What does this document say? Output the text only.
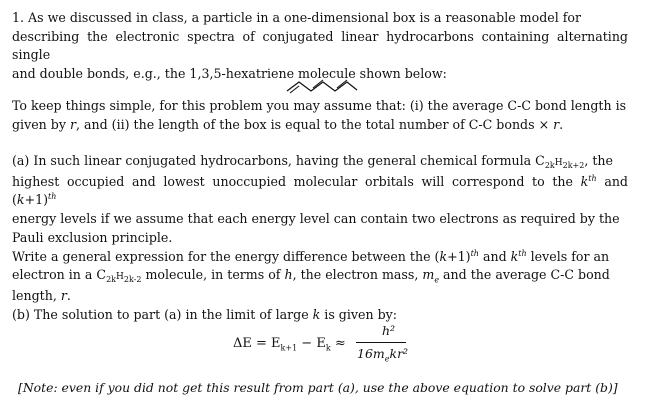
1. As we discussed in class, a particle in a one-dimensional box is a reasonable model for
describing the electronic spectra of conjugated linear hydrocarbons containing alternating single
and double bonds, e.g., the 1,3,5-hexatriene molecule shown below:

To keep things simple, for this problem you may assume that: (i) the average C-C bond length is
given by r, and (ii) the length of the box is equal to the total number of C-C bonds × r.

(a) In such linear conjugated hydrocarbons, having the general chemical formula $C_{2k}H_{2k+2}$, the
highest occupied and lowest unoccupied molecular orbitals will correspond to the $k^{th}$ and $(k+1)^{th}$
energy levels if we assume that each energy level can contain two electrons as required by the
Pauli exclusion principle.
Write a general expression for the energy difference between the $(k+1)^{th}$ and $k^{th}$ levels for an
electron in a $C_{2k}H_{2k-2}$ molecule, in terms of h, the electron mass, $m_e$ and the average C-C bond
length, r.

(b) The solution to part (a) in the limit of large k is given by:

$\Delta E = E_{k+1} - E_k$ ≈
h²
$16m_ekr^2$
[Note: even if you did not get this result from part (a), use the above equation to solve part (b)]
